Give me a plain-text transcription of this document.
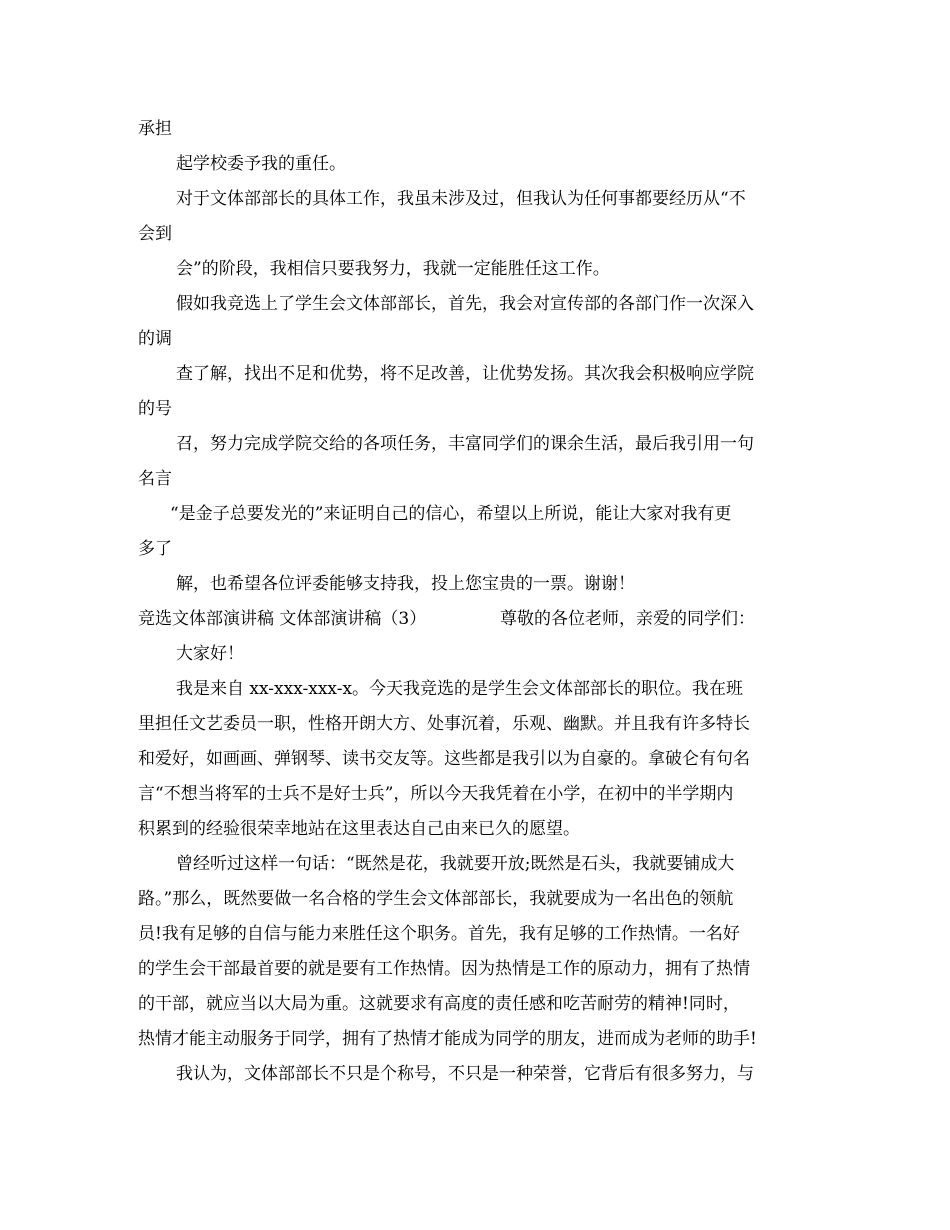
承担
起学校委予我的重任。
对于文体部部长的具体工作，我虽未涉及过，但我认为任何事都要经历从“不
会到
会”的阶段，我相信只要我努力，我就一定能胜任这工作。
假如我竞选上了学生会文体部部长，首先，我会对宣传部的各部门作一次深入
的调
查了解，找出不足和优势，将不足改善，让优势发扬。其次我会积极响应学院
的号
召，努力完成学院交给的各项任务，丰富同学们的课余生活，最后我引用一句
名言
“是金子总要发光的”来证明自己的信心，希望以上所说，能让大家对我有更
多了
解，也希望各位评委能够支持我，投上您宝贵的一票。谢谢！
竞选文体部演讲稿 文体部演讲稿（3）	尊敬的各位老师，亲爱的同学们：
大家好！
我是来自 xx-xxx-xxx-x。今天我竞选的是学生会文体部部长的职位。我在班
里担任文艺委员一职，性格开朗大方、处事沉着，乐观、幽默。并且我有许多特长
和爱好，如画画、弹钢琴、读书交友等。这些都是我引以为自豪的。拿破仑有句名
言“不想当将军的士兵不是好士兵”，所以今天我凭着在小学，在初中的半学期内
积累到的经验很荣幸地站在这里表达自己由来已久的愿望。
曾经听过这样一句话：“既然是花，我就要开放;既然是石头，我就要铺成大
路。”那么，既然要做一名合格的学生会文体部部长，我就要成为一名出色的领航
员!我有足够的自信与能力来胜任这个职务。首先，我有足够的工作热情。一名好
的学生会干部最首要的就是要有工作热情。因为热情是工作的原动力，拥有了热情
的干部，就应当以大局为重。这就要求有高度的责任感和吃苦耐劳的精神!同时，
热情才能主动服务于同学，拥有了热情才能成为同学的朋友，进而成为老师的助手!
我认为，文体部部长不只是个称号，不只是一种荣誉，它背后有很多努力，与
